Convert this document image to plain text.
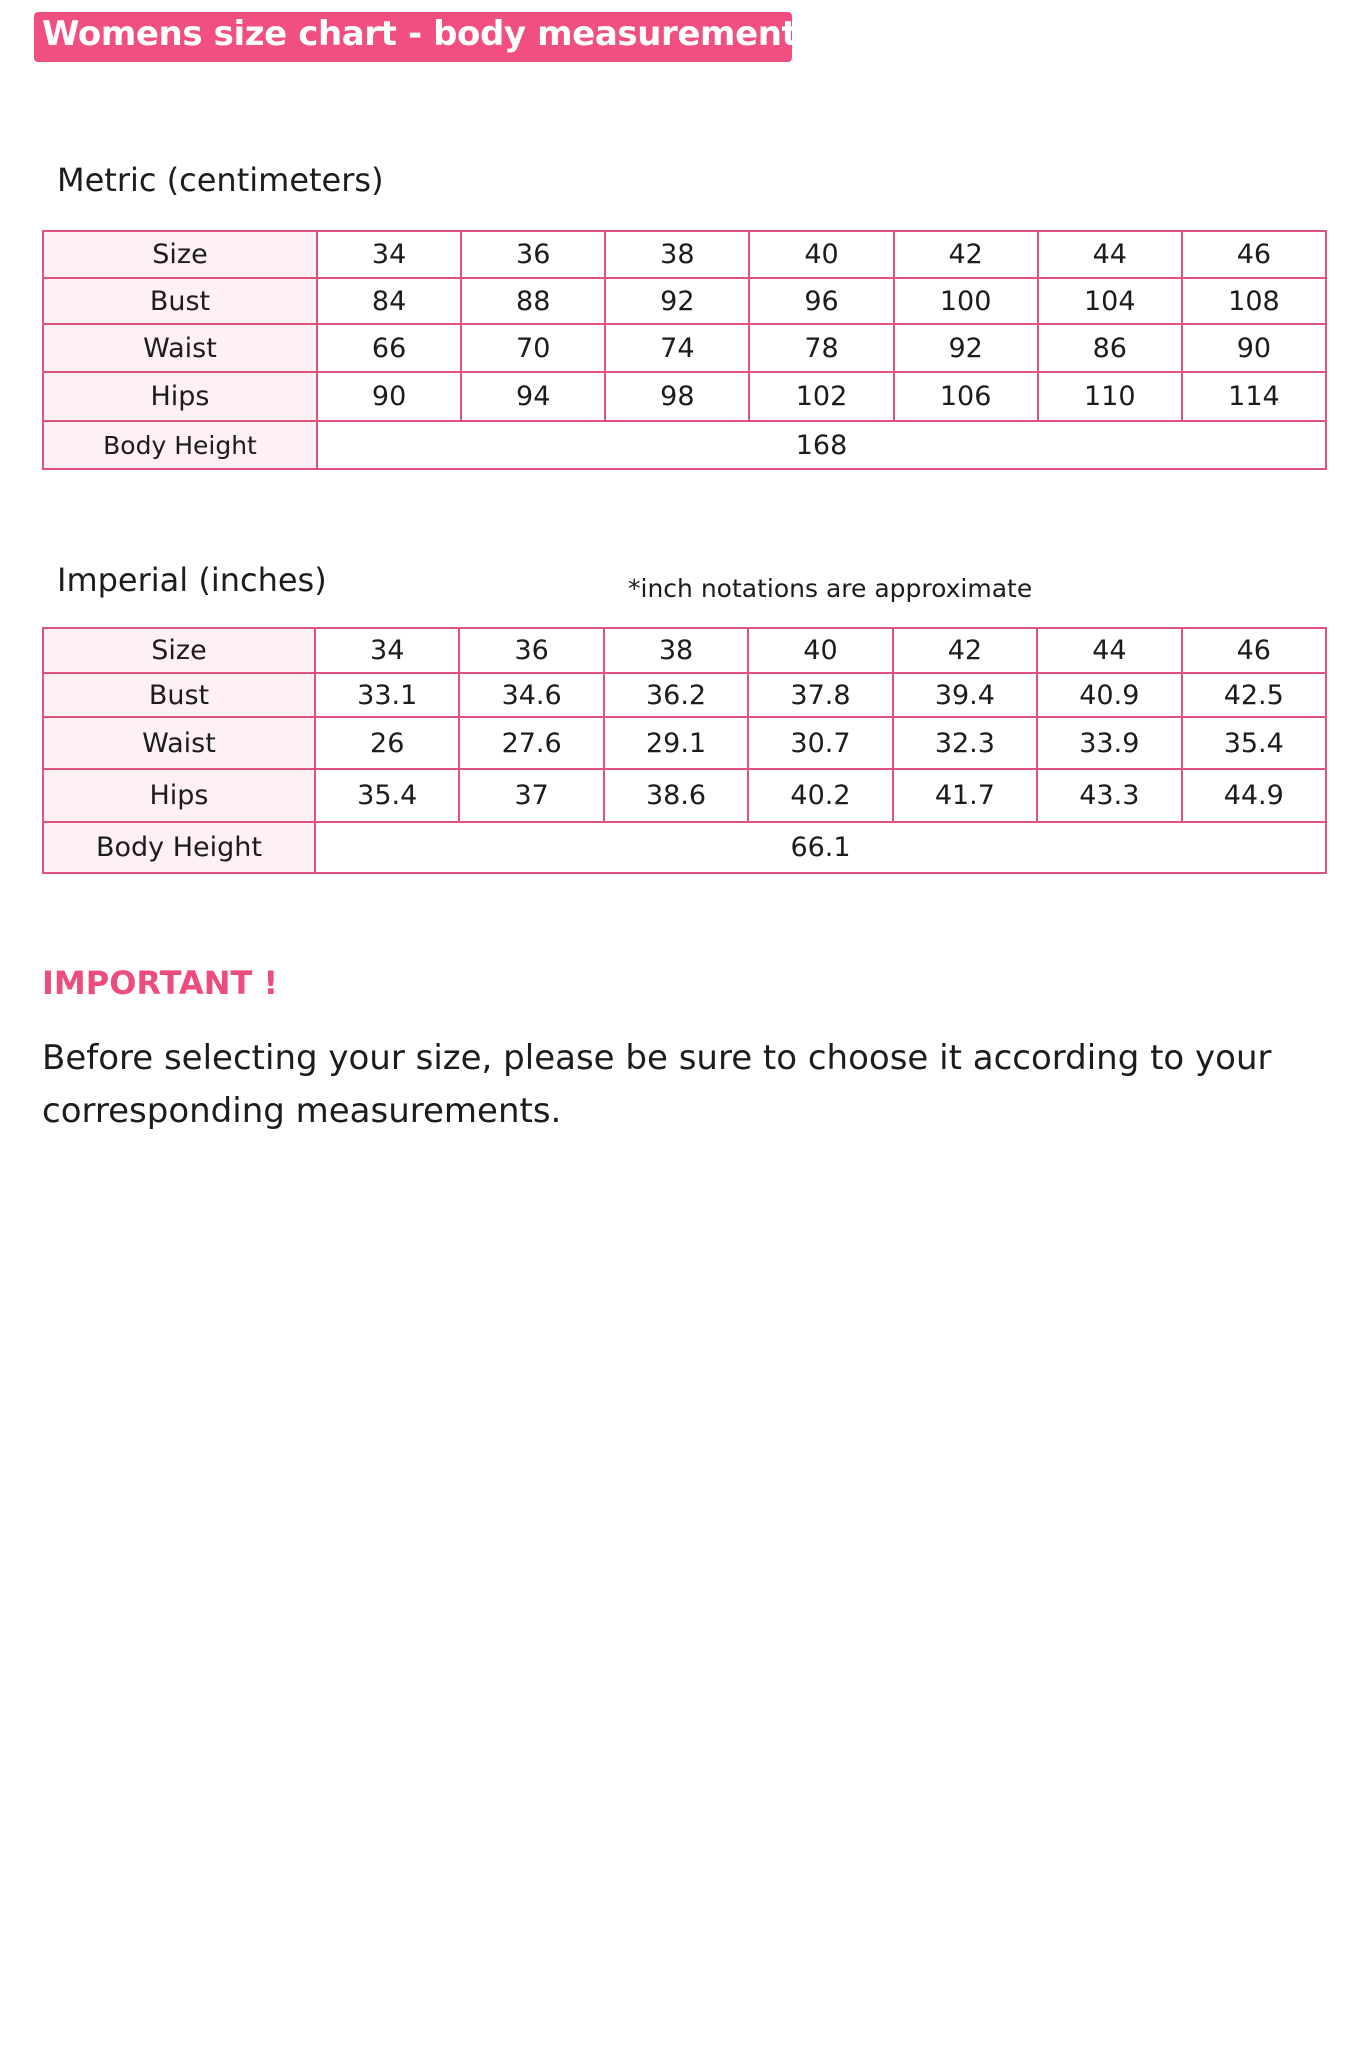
Womens size chart - body measurements
Metric (centimeters)
Size	34	36	38	40	42	44	46
Bust	84	88	92	96	100	104	108
Waist	66	70	74	78	92	86	90
Hips	90	94	98	102	106	110	114
Body Height	168						
Imperial (inches)	*inch notations are approximate
Size	34	36	38	40	42	44	46
Bust	33.1	34.6	36.2	37.8	39.4	40.9	42.5
Waist	26	27.6	29.1	30.7	32.3	33.9	35.4
Hips	35.4	37	38.6	40.2	41.7	43.3	44.9
Body Height	66.1						
IMPORTANT !

Before selecting your size, please be sure to choose it according to your corresponding measurements.
